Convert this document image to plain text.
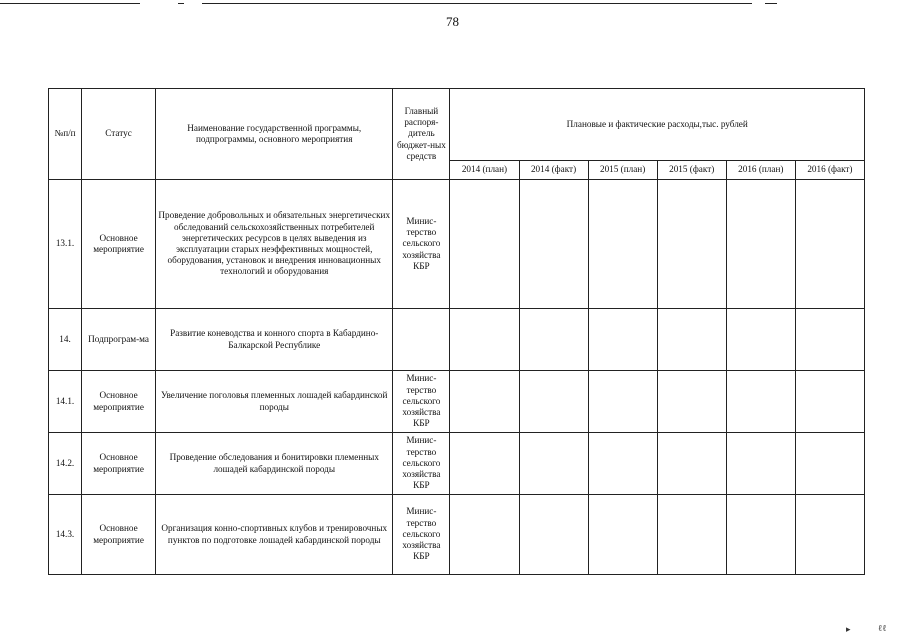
78
№п/п	Статус	Наименование государственной программы, подпрограммы, основного мероприятия	Главный распоря-дитель бюджет-ных средств	Плановые и фактические расходы,тыс. рублей					
				2014 (план)	2014 (факт)	2015 (план)	2015 (факт)	2016 (план)	2016 (факт)
13.1.	Основное мероприятие	Проведение добровольных и обязательных энергетических обследований сельскохозяйственных потребителей энергетических ресурсов в целях выведения из эксплуатации старых неэффективных мощностей, оборудования, установок и внедрения инновационных технологий и оборудования	Минис-терство сельского хозяйства КБР						
14.	Подпрограм-ма	Развитие коневодства и конного спорта в Кабардино-Балкарской Республике							
14.1.	Основное мероприятие	Увеличение поголовья племенных лошадей кабардинской породы	Минис-терство сельского хозяйства КБР						
14.2.	Основное мероприятие	Проведение обследования и бонитировки племенных лошадей кабардинской породы	Минис-терство сельского хозяйства КБР						
14.3.	Основное мероприятие	Организация конно-спортивных клубов и тренировочных пунктов по подготовке лошадей кабардинской породы	Минис-терство сельского хозяйства КБР						
▸	ℓℓ
